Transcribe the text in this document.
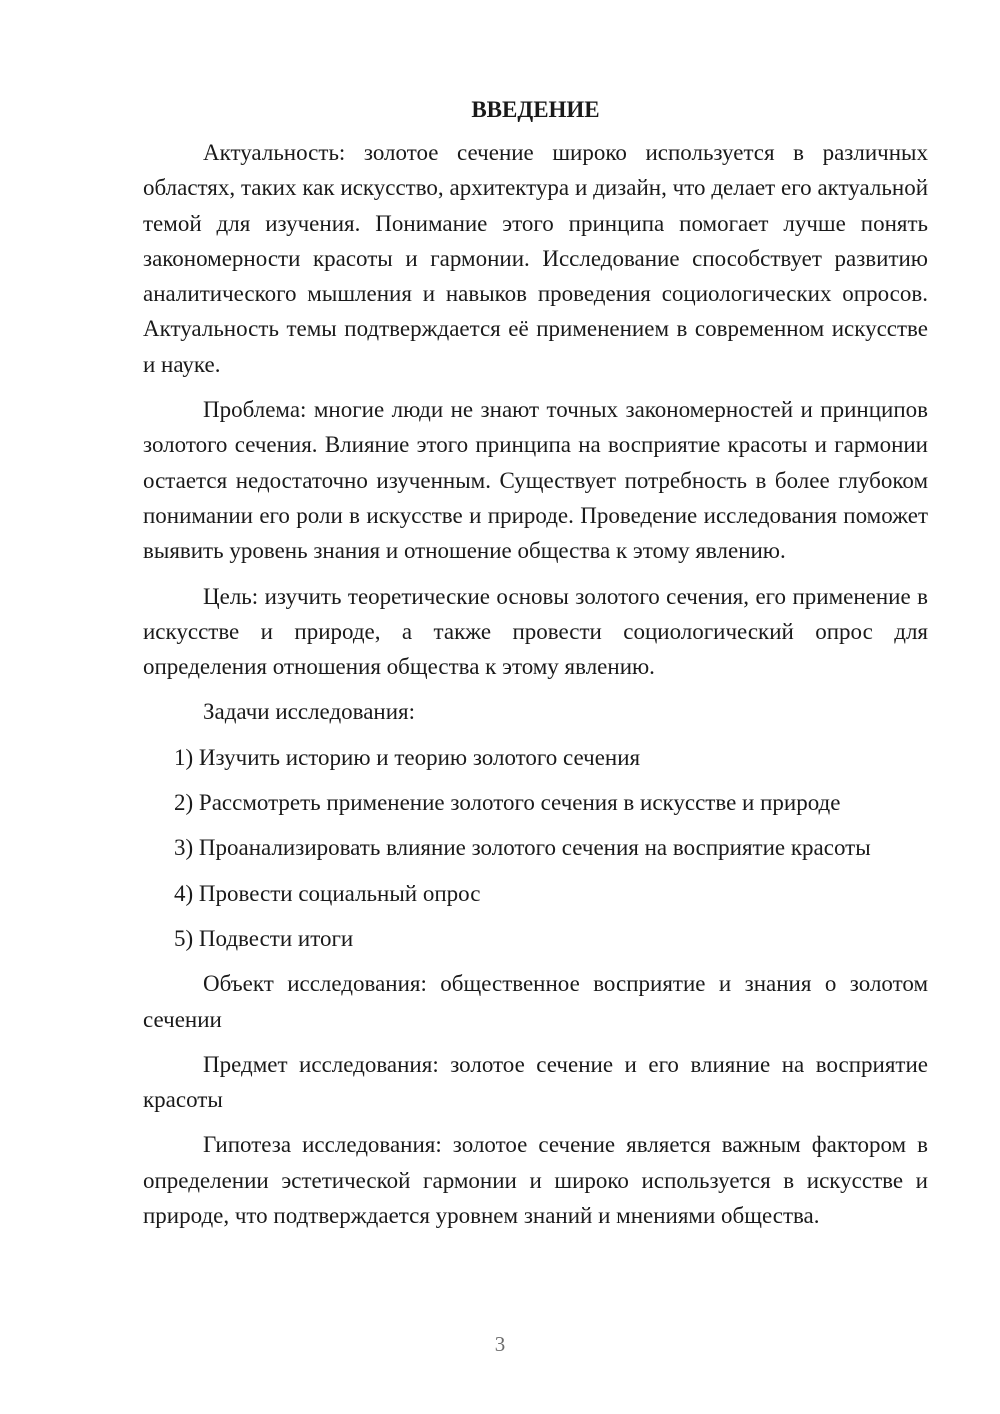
ВВЕДЕНИЕ

Актуальность: золотое сечение широко используется в различных областях, таких как искусство, архитектура и дизайн, что делает его актуальной темой для изучения. Понимание этого принципа помогает лучше понять закономерности красоты и гармонии. Исследование способствует развитию аналитического мышления и навыков проведения социологических опросов. Актуальность темы подтверждается её применением в современном искусстве и науке.

Проблема: многие люди не знают точных закономерностей и принципов золотого сечения. Влияние этого принципа на восприятие красоты и гармонии остается недостаточно изученным. Существует потребность в более глубоком понимании его роли в искусстве и природе. Проведение исследования поможет выявить уровень знания и отношение общества к этому явлению.

Цель: изучить теоретические основы золотого сечения, его применение в искусстве и природе, а также провести социологический опрос для определения отношения общества к этому явлению.

Задачи исследования:

1) Изучить историю и теорию золотого сечения

2) Рассмотреть применение золотого сечения в искусстве и природе

3) Проанализировать влияние золотого сечения на восприятие красоты

4) Провести социальный опрос

5) Подвести итоги

Объект исследования: общественное восприятие и знания о золотом сечении

Предмет исследования: золотое сечение и его влияние на восприятие красоты

Гипотеза исследования: золотое сечение является важным фактором в определении эстетической гармонии и широко используется в искусстве и природе, что подтверждается уровнем знаний и мнениями общества.

3
